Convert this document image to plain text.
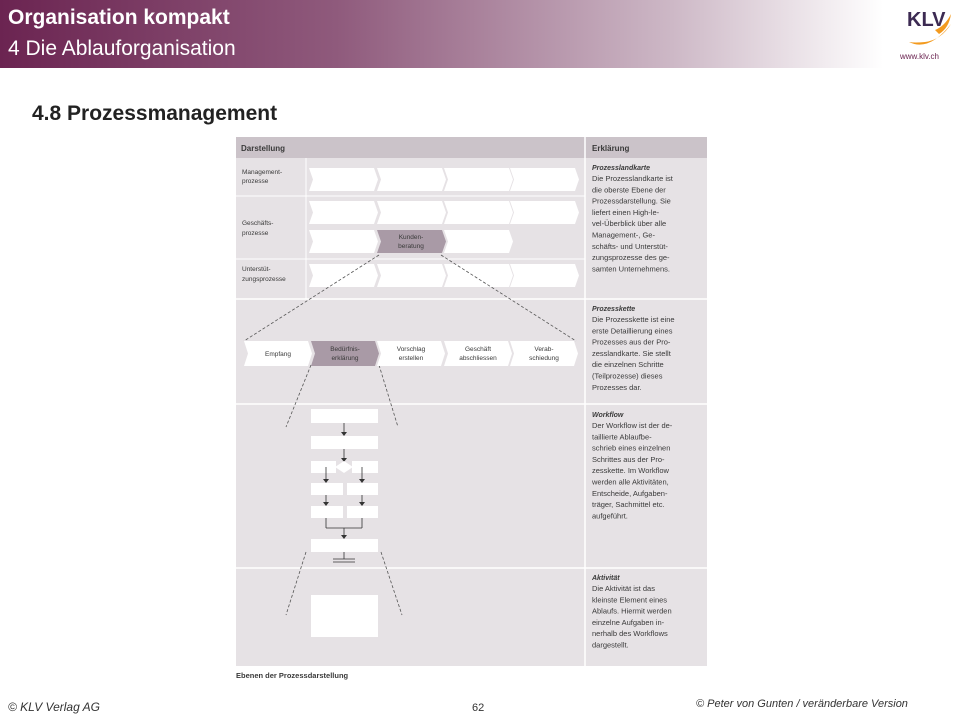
Organisation kompakt
4 Die Ablauforganisation
KLV
www.klv.ch
4.8 Prozessmanagement
Darstellung	Erklärung
Management-
prozesse
Geschäfts-
prozesse
Unterstüt-
zungsprozesse
Kunden-
beratung
Empfang
Bedürfnis-
erklärung
Vorschlag
erstellen
Geschäft
abschliessen
Verab-
schiedung
Prozesslandkarte
Die Prozesslandkarte ist
die oberste Ebene der
Prozessdarstellung. Sie
liefert einen High-le-
vel-Überblick über alle
Management-, Ge-
schäfts- und Unterstüt-
zungsprozesse des ge-
samten Unternehmens.
Prozesskette
Die Prozesskette ist eine
erste Detaillierung eines
Prozesses aus der Pro-
zesslandkarte. Sie stellt
die einzelnen Schritte
(Teilprozesse) dieses
Prozesses dar.
Workflow
Der Workflow ist der de-
taillierte Ablaufbe-
schrieb eines einzelnen
Schrittes aus der Pro-
zesskette. Im Workflow
werden alle Aktivitäten,
Entscheide, Aufgaben-
träger, Sachmittel etc.
aufgeführt.
Aktivität
Die Aktivität ist das
kleinste Element eines
Ablaufs. Hiermit werden
einzelne Aufgaben in-
nerhalb des Workflows
dargestellt.
Ebenen der Prozessdarstellung
© KLV Verlag AG	62	© Peter von Gunten / veränderbare Version
